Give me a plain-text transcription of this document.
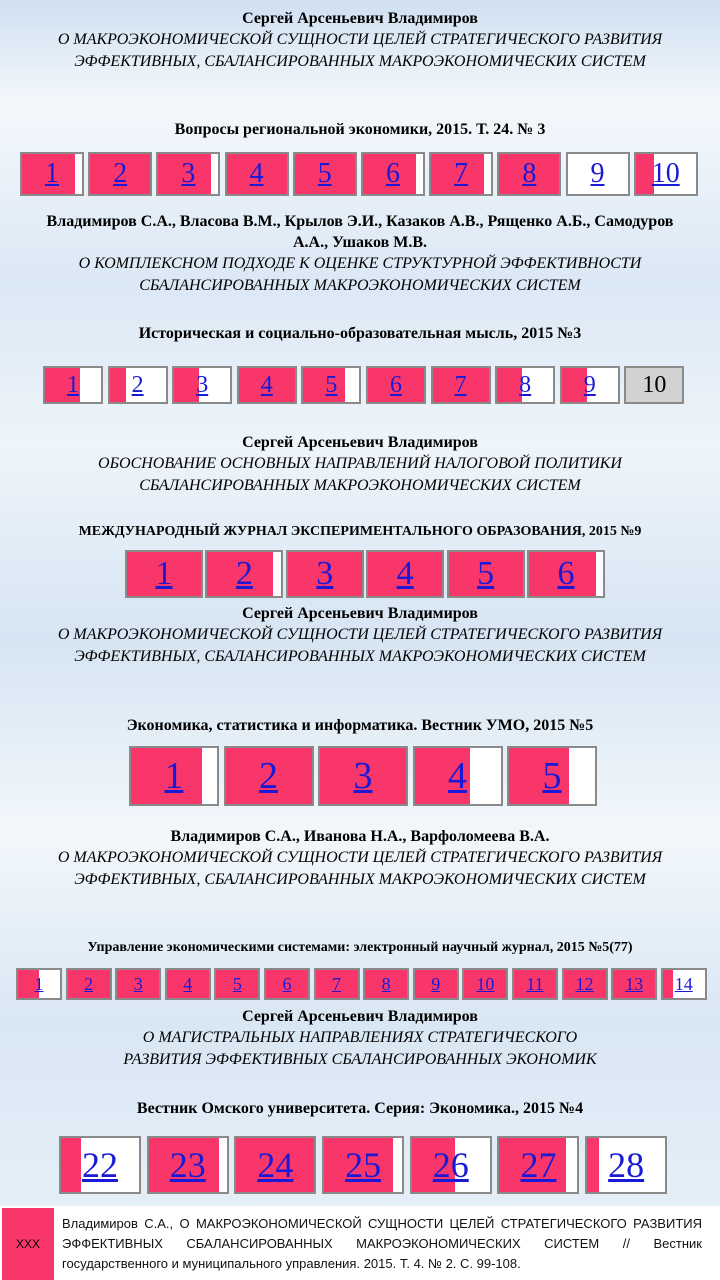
Сергей Арсеньевич Владимиров
О МАКРОЭКОНОМИЧЕСКОЙ СУЩНОСТИ ЦЕЛЕЙ СТРАТЕГИЧЕСКОГО РАЗВИТИЯ ЭФФЕКТИВНЫХ, СБАЛАНСИРОВАННЫХ МАКРОЭКОНОМИЧЕСКИХ СИСТЕМ
Вопросы региональной экономики, 2015. Т. 24. № 3
1 2 3 4 5 6 7 8 9 10
Владимиров С.А., Власова В.М., Крылов Э.И., Казаков А.В., Рященко А.Б., Самодуров А.А., Ушаков М.В.
О КОМПЛЕКСНОМ ПОДХОДЕ К ОЦЕНКЕ СТРУКТУРНОЙ ЭФФЕКТИВНОСТИ СБАЛАНСИРОВАННЫХ МАКРОЭКОНОМИЧЕСКИХ СИСТЕМ
Историческая и социально-образовательная мысль, 2015 №3
1 2 3 4 5 6 7 8 9 10
Сергей Арсеньевич Владимиров
ОБОСНОВАНИЕ ОСНОВНЫХ НАПРАВЛЕНИЙ НАЛОГОВОЙ ПОЛИТИКИ СБАЛАНСИРОВАННЫХ МАКРОЭКОНОМИЧЕСКИХ СИСТЕМ
МЕЖДУНАРОДНЫЙ ЖУРНАЛ ЭКСПЕРИМЕНТАЛЬНОГО ОБРАЗОВАНИЯ, 2015 №9
1 2 3 4 5 6
Сергей Арсеньевич Владимиров
О МАКРОЭКОНОМИЧЕСКОЙ СУЩНОСТИ ЦЕЛЕЙ СТРАТЕГИЧЕСКОГО РАЗВИТИЯ ЭФФЕКТИВНЫХ, СБАЛАНСИРОВАННЫХ МАКРОЭКОНОМИЧЕСКИХ СИСТЕМ
Экономика, статистика и информатика. Вестник УМО, 2015 №5
1 2 3 4 5
Владимиров С.А., Иванова Н.А., Варфоломеева В.А.
О МАКРОЭКОНОМИЧЕСКОЙ СУЩНОСТИ ЦЕЛЕЙ СТРАТЕГИЧЕСКОГО РАЗВИТИЯ ЭФФЕКТИВНЫХ, СБАЛАНСИРОВАННЫХ МАКРОЭКОНОМИЧЕСКИХ СИСТЕМ
Управление экономическими системами: электронный научный журнал, 2015 №5(77)
1 2 3 4 5 6 7 8 9 10 11 12 13 14
Сергей Арсеньевич Владимиров
О МАГИСТРАЛЬНЫХ НАПРАВЛЕНИЯХ СТРАТЕГИЧЕСКОГО РАЗВИТИЯ ЭФФЕКТИВНЫХ СБАЛАНСИРОВАННЫХ ЭКОНОМИК
Вестник Омского университета. Серия: Экономика., 2015 №4
22 23 24 25 26 27 28
XXX
Владимиров С.А., О МАКРОЭКОНОМИЧЕСКОЙ СУЩНОСТИ ЦЕЛЕЙ СТРАТЕГИЧЕСКОГО РАЗВИТИЯ ЭФФЕКТИВНЫХ СБАЛАНСИРОВАННЫХ МАКРОЭКОНОМИЧЕСКИХ СИСТЕМ // Вестник государственного и муниципального управления. 2015. Т. 4. № 2. С. 99-108.
